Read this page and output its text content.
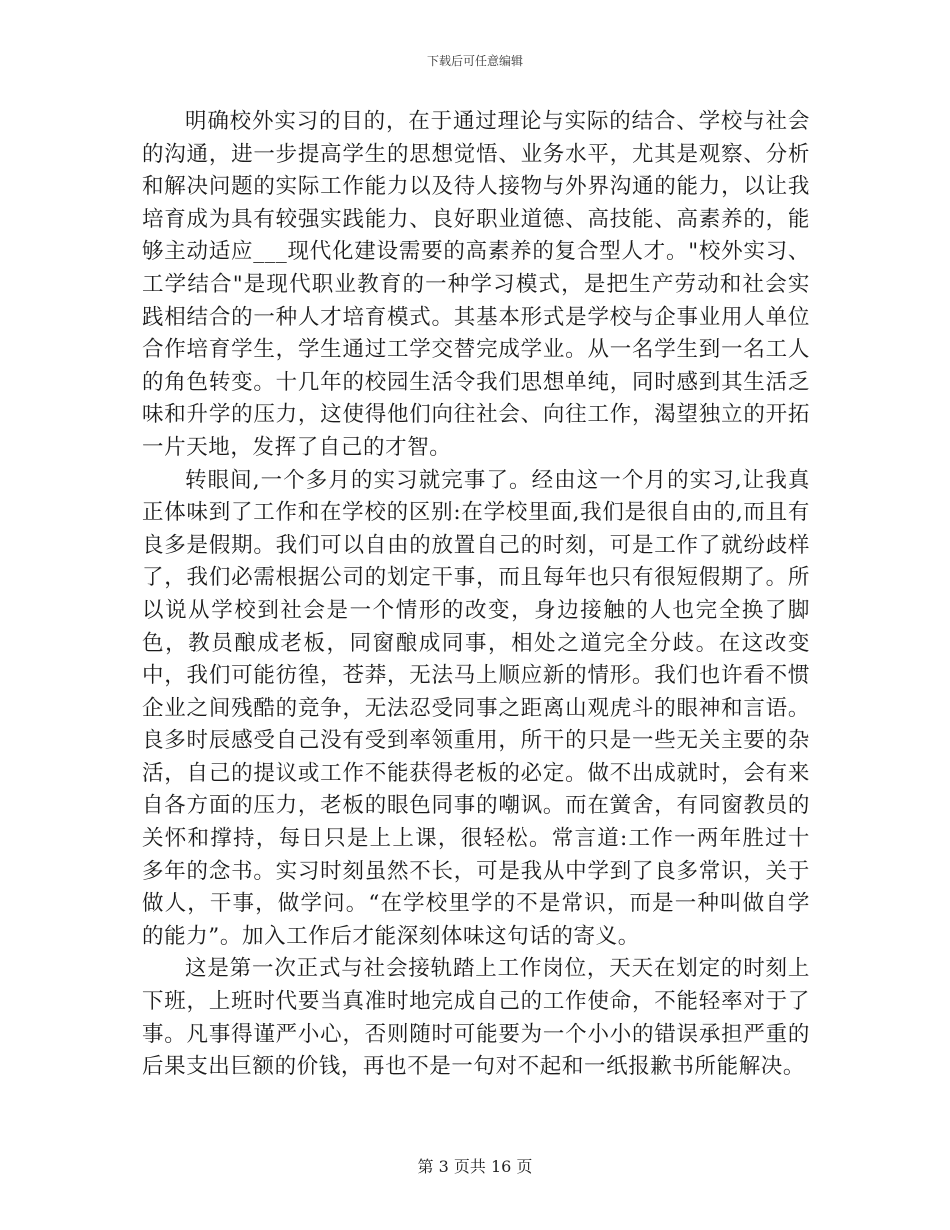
下载后可任意编辑

明确校外实习的目的，在于通过理论与实际的结合、学校与社会的沟通，进一步提高学生的思想觉悟、业务水平，尤其是观察、分析和解决问题的实际工作能力以及待人接物与外界沟通的能力，以让我培育成为具有较强实践能力、良好职业道德、高技能、高素养的，能够主动适应___现代化建设需要的高素养的复合型人才。"校外实习、工学结合"是现代职业教育的一种学习模式，是把生产劳动和社会实践相结合的一种人才培育模式。其基本形式是学校与企事业用人单位合作培育学生，学生通过工学交替完成学业。从一名学生到一名工人的角色转变。十几年的校园生活令我们思想单纯，同时感到其生活乏味和升学的压力，这使得他们向往社会、向往工作，渴望独立的开拓一片天地，发挥了自己的才智。

转眼间,一个多月的实习就完事了。经由这一个月的实习,让我真正体味到了工作和在学校的区别:在学校里面,我们是很自由的,而且有良多是假期。我们可以自由的放置自己的时刻，可是工作了就纷歧样了，我们必需根据公司的划定干事，而且每年也只有很短假期了。所以说从学校到社会是一个情形的改变，身边接触的人也完全换了脚色，教员酿成老板，同窗酿成同事，相处之道完全分歧。在这改变中，我们可能彷徨，苍莽，无法马上顺应新的情形。我们也许看不惯企业之间残酷的竞争，无法忍受同事之距离山观虎斗的眼神和言语。良多时辰感受自己没有受到率领重用，所干的只是一些无关主要的杂活，自己的提议或工作不能获得老板的必定。做不出成就时，会有来自各方面的压力，老板的眼色同事的嘲讽。而在黉舍，有同窗教员的关怀和撑持，每日只是上上课，很轻松。常言道:工作一两年胜过十多年的念书。实习时刻虽然不长，可是我从中学到了良多常识，关于做人，干事，做学问。“在学校里学的不是常识，而是一种叫做自学的能力”。加入工作后才能深刻体味这句话的寄义。

这是第一次正式与社会接轨踏上工作岗位，天天在划定的时刻上下班，上班时代要当真准时地完成自己的工作使命，不能轻率对于了事。凡事得谨严小心，否则随时可能要为一个小小的错误承担严重的后果支出巨额的价钱，再也不是一句对不起和一纸报歉书所能解决。

第 3 页共 16 页
